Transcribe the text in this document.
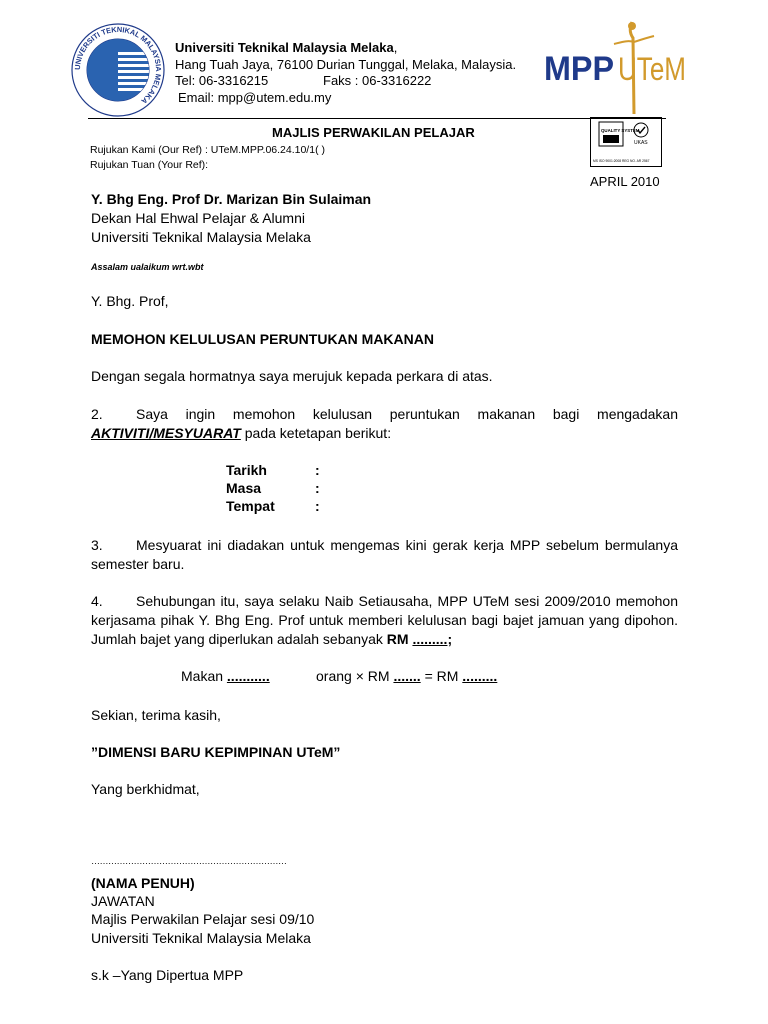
UNIVERSITI TEKNIKAL MALAYSIA MELAKA
Universiti Teknikal Malaysia Melaka,
Hang Tuah Jaya, 76100 Durian Tunggal, Melaka, Malaysia.
Tel: 06-3316215	Faks : 06-3316222
Email: mpp@utem.edu.my
MPP UTeM
MAJLIS PERWAKILAN PELAJAR
Rujukan Kami (Our Ref) : UTeM.MPP.06.24.10/1( )
Rujukan Tuan (Your Ref):
QUALITY SYSTEM
UKAS
MS ISO 9001:2008 REG NO. AR 2567
APRIL 2010
Y. Bhg Eng. Prof Dr. Marizan Bin Sulaiman
Dekan Hal Ehwal Pelajar & Alumni
Universiti Teknikal Malaysia Melaka
Assalam ualaikum wrt.wbt
Y. Bhg. Prof,
MEMOHON KELULUSAN PERUNTUKAN MAKANAN
Dengan segala hormatnya saya merujuk kepada perkara di atas.
2. Saya ingin memohon kelulusan peruntukan makanan bagi mengadakan AKTIVITI/MESYUARAT pada ketetapan berikut:
Tarikh	:
Masa	:
Tempat	:
3. Mesyuarat ini diadakan untuk mengemas kini gerak kerja MPP sebelum bermulanya semester baru.
4. Sehubungan itu, saya selaku Naib Setiausaha, MPP UTeM sesi 2009/2010 memohon kerjasama pihak Y. Bhg Eng. Prof untuk memberi kelulusan bagi bajet jamuan yang dipohon. Jumlah bajet yang diperlukan adalah sebanyak RM .........;
Makan ...........	orang × RM ....... = RM .........
Sekian, terima kasih,
”DIMENSI BARU KEPIMPINAN UTeM”
Yang berkhidmat,
……………………………………………………………
(NAMA PENUH)
JAWATAN
Majlis Perwakilan Pelajar sesi 09/10
Universiti Teknikal Malaysia Melaka
s.k –Yang Dipertua MPP
